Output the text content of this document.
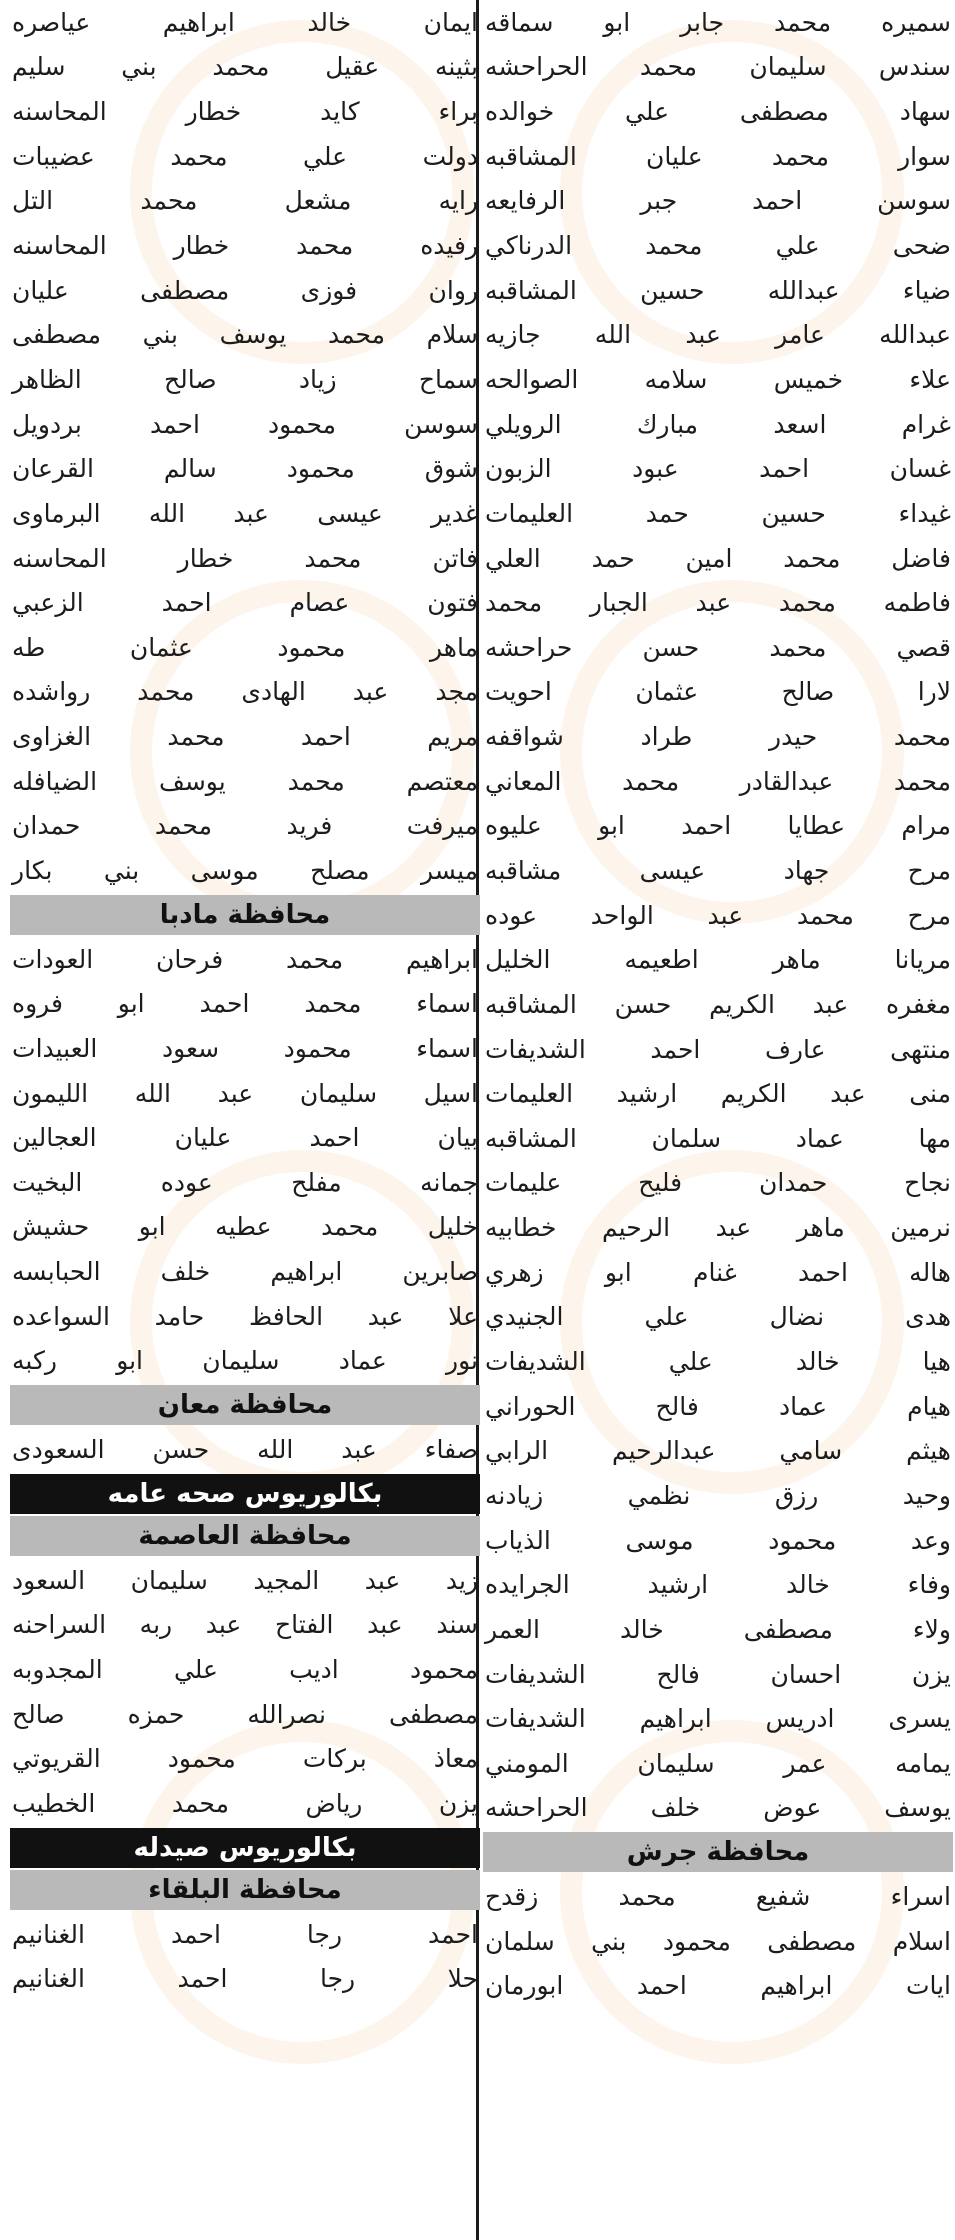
سميره
محمد
جابر
ابو
سماقه
سندس
سليمان
محمد
الحراحشه
سهاد
مصطفى
علي
خوالده
سوار
محمد
عليان
المشاقبه
سوسن
احمد
جبر
الرفايعه
ضحى
علي
محمد
الدرناكي
ضياء
عبدالله
حسين
المشاقبه
عبدالله
عامر
عبد
الله
جازيه
علاء
خميس
سلامه
الصوالحه
غرام
اسعد
مبارك
الرويلي
غسان
احمد
عبود
الزبون
غيداء
حسين
حمد
العليمات
فاضل
محمد
امين
حمد
العلي
فاطمه
محمد
عبد
الجبار
محمد
قصي
محمد
حسن
حراحشه
لارا
صالح
عثمان
احويت
محمد
حيدر
طراد
شواقفه
محمد
عبدالقادر
محمد
المعاني
مرام
عطايا
احمد
ابو
عليوه
مرح
جهاد
عيسى
مشاقبه
مرح
محمد
عبد
الواحد
عوده
مريانا
ماهر
اطعيمه
الخليل
مغفره
عبد
الكريم
حسن
المشاقبه
منتهى
عارف
احمد
الشديفات
منى
عبد
الكريم
ارشيد
العليمات
مها
عماد
سلمان
المشاقبه
نجاح
حمدان
فليح
عليمات
نرمين
ماهر
عبد
الرحيم
خطابيه
هاله
احمد
غنام
ابو
زهري
هدى
نضال
علي
الجنيدي
هيا
خالد
علي
الشديفات
هيام
عماد
فالح
الحوراني
هيثم
سامي
عبدالرحيم
الرابي
وحيد
رزق
نظمي
زيادنه
وعد
محمود
موسى
الذياب
وفاء
خالد
ارشيد
الجرايده
ولاء
مصطفى
خالد
العمر
يزن
احسان
فالح
الشديفات
يسرى
ادريس
ابراهيم
الشديفات
يمامه
عمر
سليمان
المومني
يوسف
عوض
خلف
الحراحشه
محافظة جرش
اسراء
شفيع
محمد
زقدح
اسلام
مصطفى
محمود
بني
سلمان
ايات
ابراهيم
احمد
ابورمان
ايمان
خالد
ابراهيم
عياصره
بثينه
عقيل
محمد
بني
سليم
براء
كايد
خطار
المحاسنه
دولت
علي
محمد
عضيبات
رايه
مشعل
محمد
التل
رفيده
محمد
خطار
المحاسنه
روان
فوزى
مصطفى
عليان
سلام
محمد
يوسف
بني
مصطفى
سماح
زياد
صالح
الظاهر
سوسن
محمود
احمد
بردويل
شوق
محمود
سالم
القرعان
غدير
عيسى
عبد
الله
البرماوى
فاتن
محمد
خطار
المحاسنه
فتون
عصام
احمد
الزعبي
ماهر
محمود
عثمان
طه
مجد
عبد
الهادى
محمد
رواشده
مريم
احمد
محمد
الغزاوى
معتصم
محمد
يوسف
الضيافله
ميرفت
فريد
محمد
حمدان
ميسر
مصلح
موسى
بني
بكار
محافظة مادبا
ابراهيم
محمد
فرحان
العودات
اسماء
محمد
احمد
ابو
فروه
اسماء
محمود
سعود
العبيدات
اسيل
سليمان
عبد
الله
الليمون
بيان
احمد
عليان
العجالين
جمانه
مفلح
عوده
البخيت
خليل
محمد
عطيه
ابو
حشيش
صابرين
ابراهيم
خلف
الحبابسه
علا
عبد
الحافظ
حامد
السواعده
نور
عماد
سليمان
ابو
ركبه
محافظة معان
صفاء
عبد
الله
حسن
السعودى
بكالوريوس صحه عامه
محافظة العاصمة
زيد
عبد
المجيد
سليمان
السعود
سند
عبد
الفتاح
عبد
ربه
السراحنه
محمود
اديب
علي
المجدوبه
مصطفى
نصرالله
حمزه
صالح
معاذ
بركات
محمود
القريوتي
يزن
رياض
محمد
الخطيب
بكالوريوس صيدله
محافظة البلقاء
احمد
رجا
احمد
الغنانيم
حلا
رجا
احمد
الغنانيم
